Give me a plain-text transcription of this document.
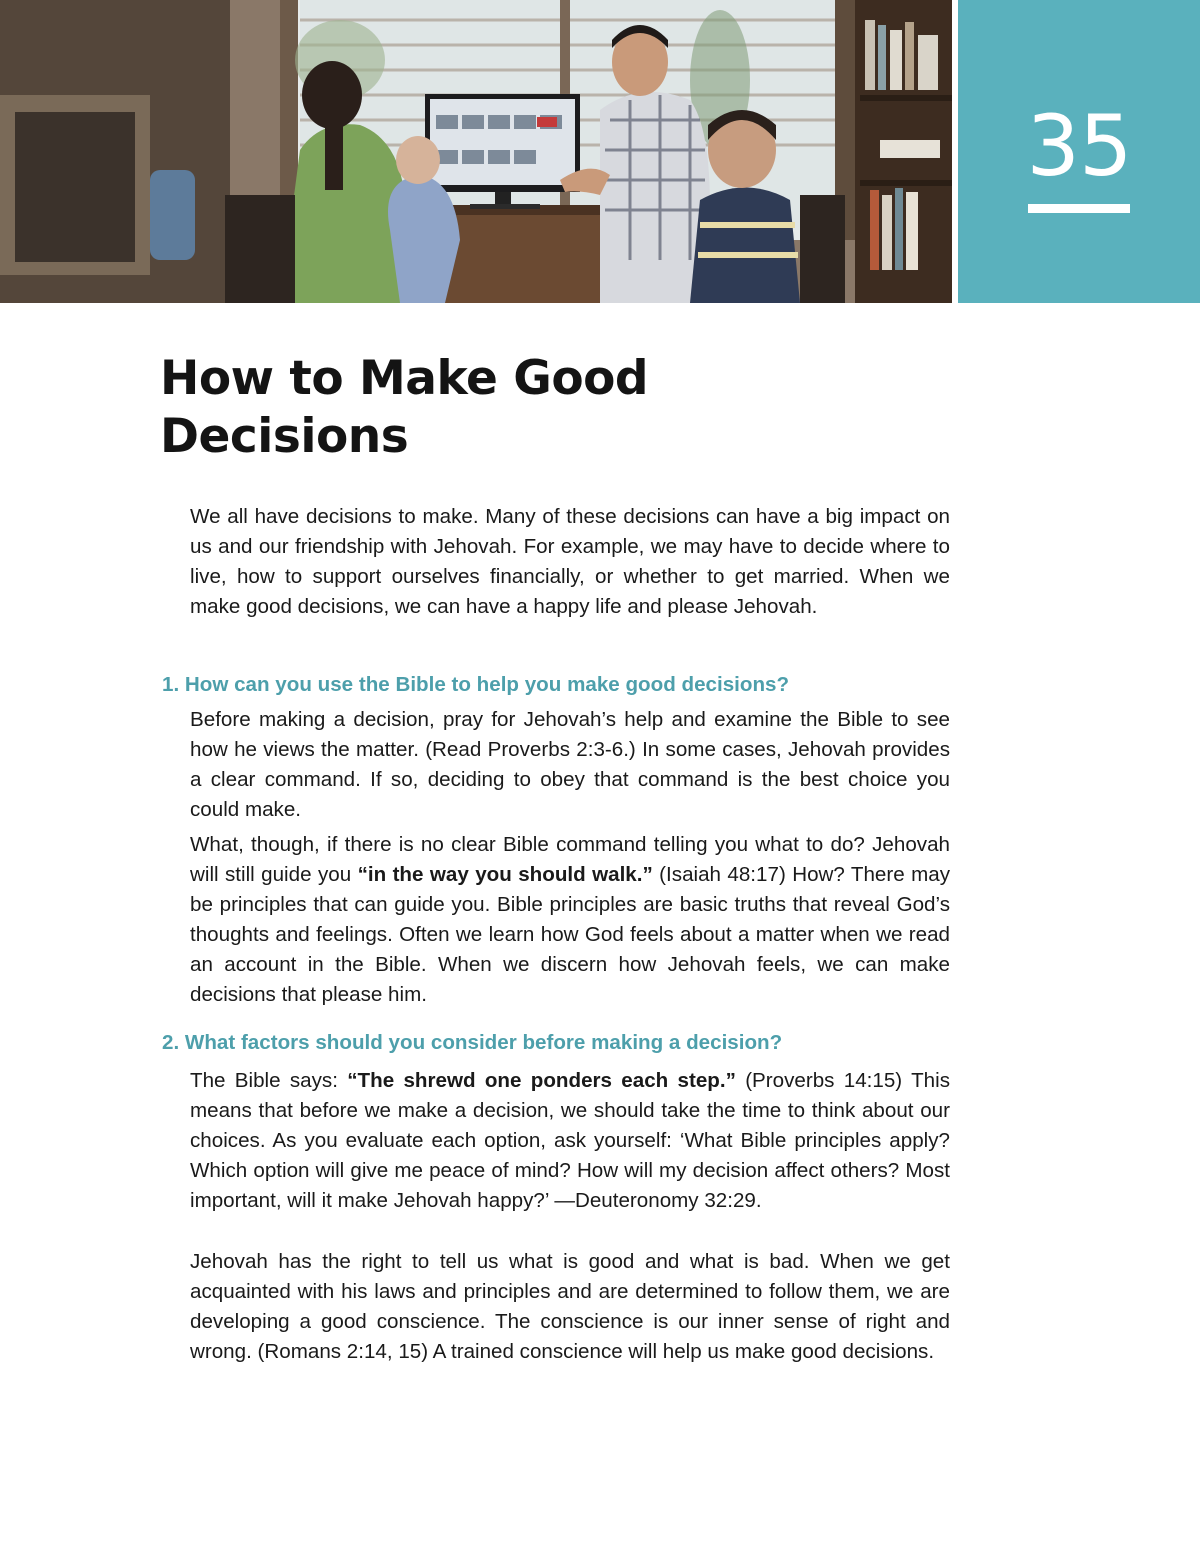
35
How to Make Good Decisions

We all have decisions to make. Many of these decisions can have a big impact on us and our friendship with Jehovah. For example, we may have to decide where to live, how to support ourselves financially, or whether to get married. When we make good decisions, we can have a happy life and please Jehovah.

1. How can you use the Bible to help you make good decisions?

Before making a decision, pray for Jehovah’s help and examine the Bible to see how he views the matter. (Read Proverbs 2:3-6.) In some cases, Jehovah provides a clear command. If so, deciding to obey that command is the best choice you could make.

What, though, if there is no clear Bible command telling you what to do? Jehovah will still guide you “in the way you should walk.” (Isaiah 48:17) How? There may be principles that can guide you. Bible principles are basic truths that reveal God’s thoughts and feelings. Often we learn how God feels about a matter when we read an account in the Bible. When we discern how Jehovah feels, we can make decisions that please him.

2. What factors should you consider before making a decision?

The Bible says: “The shrewd one ponders each step.” (Proverbs 14:15) This means that before we make a decision, we should take the time to think about our choices. As you evaluate each option, ask yourself: ‘What Bible principles apply? Which option will give me peace of mind? How will my decision affect others? Most important, will it make Jehovah happy?’ —Deuteronomy 32:29.

Jehovah has the right to tell us what is good and what is bad. When we get acquainted with his laws and principles and are determined to follow them, we are developing a good conscience. The conscience is our inner sense of right and wrong. (Romans 2:14, 15) A trained conscience will help us make good decisions.
